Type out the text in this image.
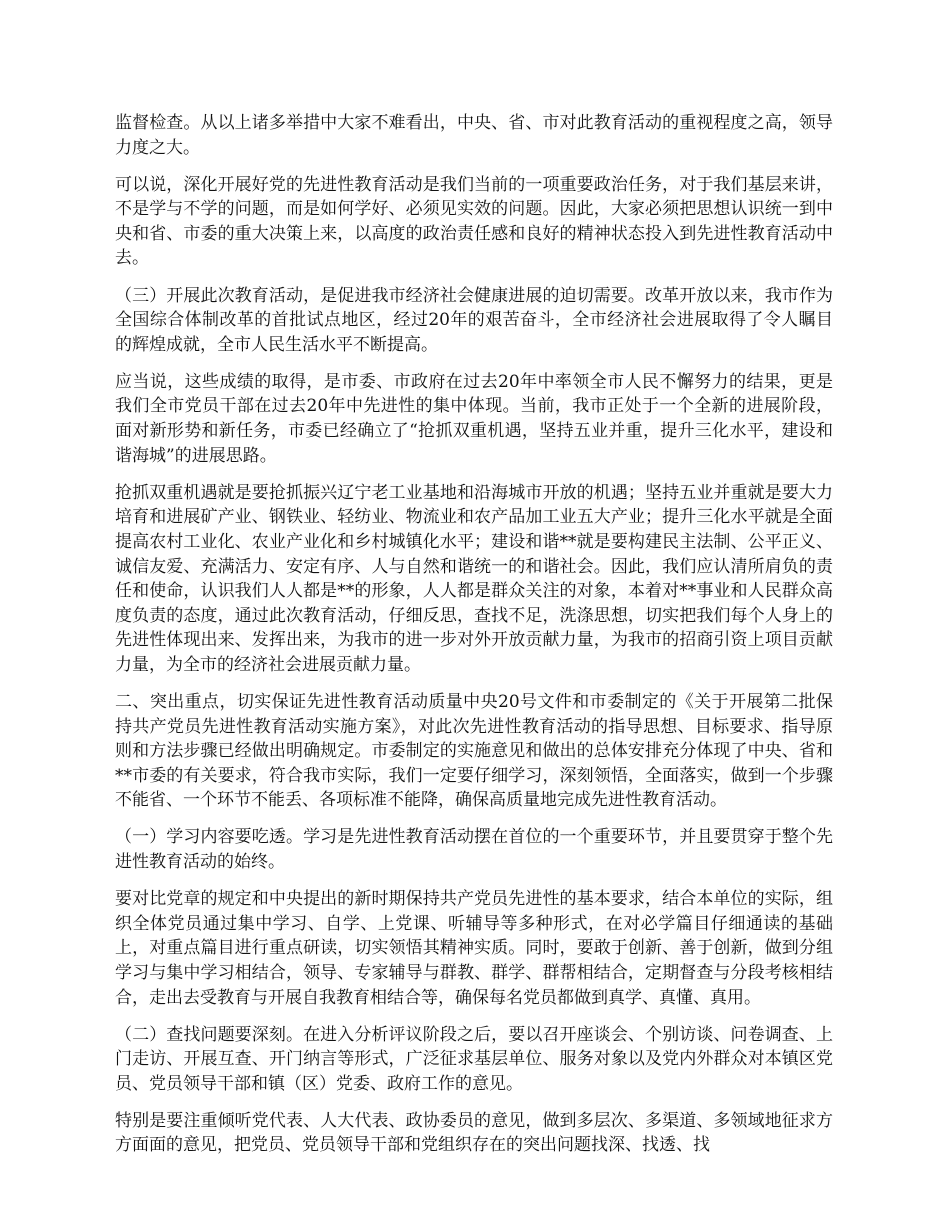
监督检查。从以上诸多举措中大家不难看出，中央、省、市对此教育活动的重视程度之高，领导力度之大。

可以说，深化开展好党的先进性教育活动是我们当前的一项重要政治任务，对于我们基层来讲，不是学与不学的问题，而是如何学好、必须见实效的问题。因此，大家必须把思想认识统一到中央和省、市委的重大决策上来，以高度的政治责任感和良好的精神状态投入到先进性教育活动中去。

（三）开展此次教育活动，是促进我市经济社会健康进展的迫切需要。改革开放以来，我市作为全国综合体制改革的首批试点地区，经过20年的艰苦奋斗，全市经济社会进展取得了令人瞩目的辉煌成就，全市人民生活水平不断提高。

应当说，这些成绩的取得，是市委、市政府在过去20年中率领全市人民不懈努力的结果，更是我们全市党员干部在过去20年中先进性的集中体现。当前，我市正处于一个全新的进展阶段，面对新形势和新任务，市委已经确立了“抢抓双重机遇，坚持五业并重，提升三化水平，建设和谐海城”的进展思路。

抢抓双重机遇就是要抢抓振兴辽宁老工业基地和沿海城市开放的机遇；坚持五业并重就是要大力培育和进展矿产业、钢铁业、轻纺业、物流业和农产品加工业五大产业；提升三化水平就是全面提高农村工业化、农业产业化和乡村城镇化水平；建设和谐**就是要构建民主法制、公平正义、诚信友爱、充满活力、安定有序、人与自然和谐统一的和谐社会。因此，我们应认清所肩负的责任和使命，认识我们人人都是**的形象，人人都是群众关注的对象，本着对**事业和人民群众高度负责的态度，通过此次教育活动，仔细反思，查找不足，洗涤思想，切实把我们每个人身上的先进性体现出来、发挥出来，为我市的进一步对外开放贡献力量，为我市的招商引资上项目贡献力量，为全市的经济社会进展贡献力量。

二、突出重点，切实保证先进性教育活动质量中央20号文件和市委制定的《关于开展第二批保持共产党员先进性教育活动实施方案》，对此次先进性教育活动的指导思想、目标要求、指导原则和方法步骤已经做出明确规定。市委制定的实施意见和做出的总体安排充分体现了中央、省和**市委的有关要求，符合我市实际，我们一定要仔细学习，深刻领悟，全面落实，做到一个步骤不能省、一个环节不能丢、各项标准不能降，确保高质量地完成先进性教育活动。

（一）学习内容要吃透。学习是先进性教育活动摆在首位的一个重要环节，并且要贯穿于整个先进性教育活动的始终。

要对比党章的规定和中央提出的新时期保持共产党员先进性的基本要求，结合本单位的实际，组织全体党员通过集中学习、自学、上党课、听辅导等多种形式，在对必学篇目仔细通读的基础上，对重点篇目进行重点研读，切实领悟其精神实质。同时，要敢于创新、善于创新，做到分组学习与集中学习相结合，领导、专家辅导与群教、群学、群帮相结合，定期督查与分段考核相结合，走出去受教育与开展自我教育相结合等，确保每名党员都做到真学、真懂、真用。

（二）查找问题要深刻。在进入分析评议阶段之后，要以召开座谈会、个别访谈、问卷调查、上门走访、开展互查、开门纳言等形式，广泛征求基层单位、服务对象以及党内外群众对本镇区党员、党员领导干部和镇（区）党委、政府工作的意见。

特别是要注重倾听党代表、人大代表、政协委员的意见，做到多层次、多渠道、多领域地征求方方面面的意见，把党员、党员领导干部和党组织存在的突出问题找深、找透、找
